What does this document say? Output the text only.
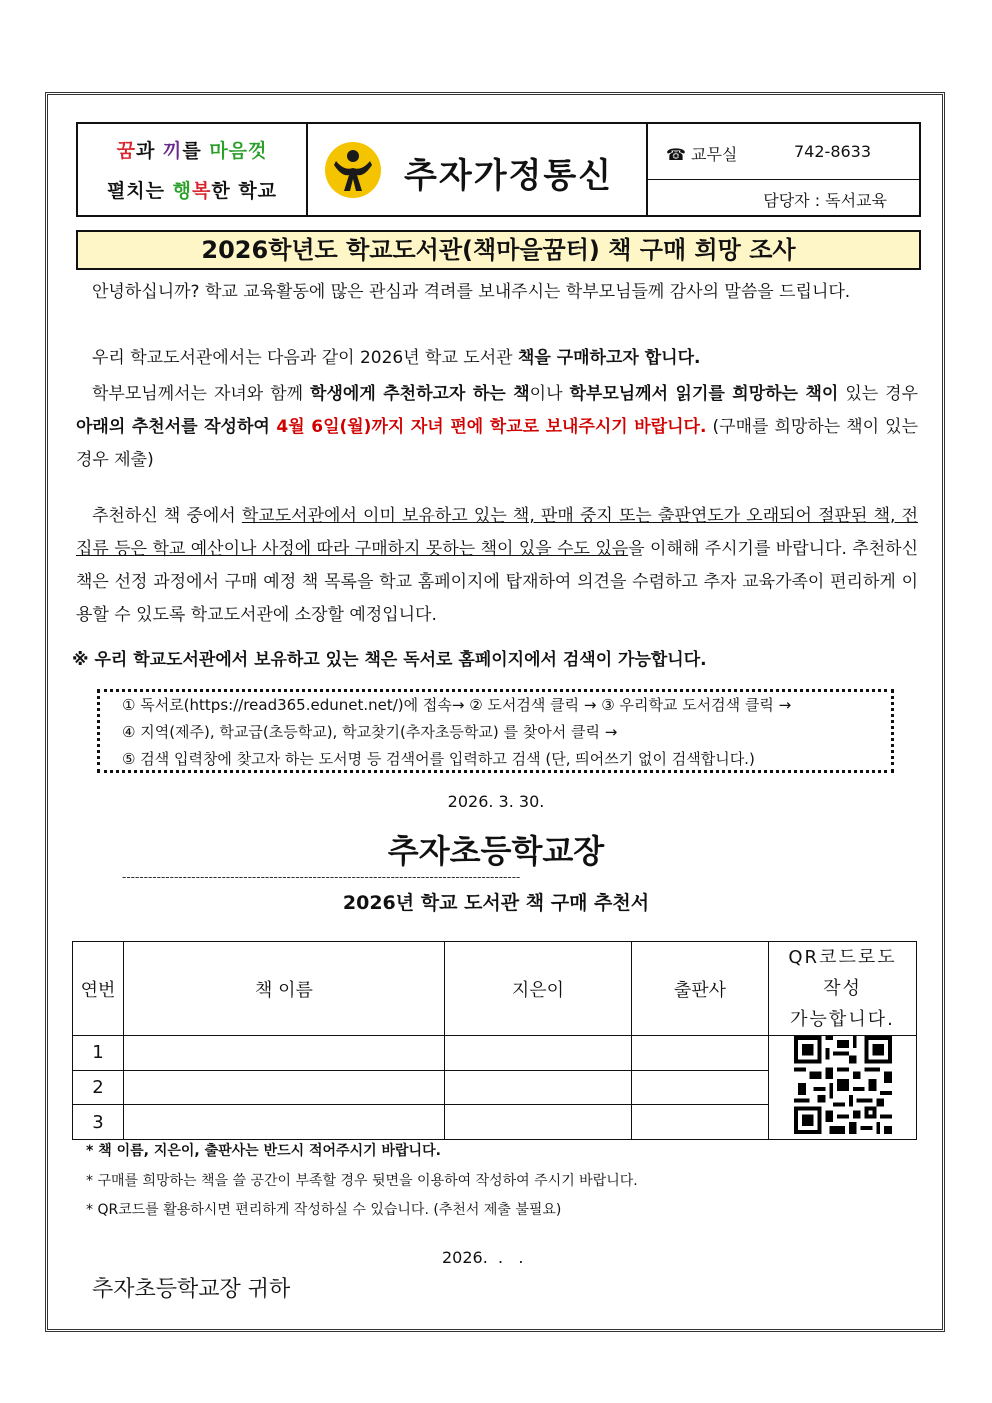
꿈과 끼를 마음껏
펼치는 행복한 학교	추자가정통신
☎ 교무실	742-8633
담당자 : 독서교육
2026학년도 학교도서관(책마을꿈터) 책 구매 희망 조사
안녕하십니까? 학교 교육활동에 많은 관심과 격려를 보내주시는 학부모님들께 감사의 말씀을 드립니다.
우리 학교도서관에서는 다음과 같이 2026년 학교 도서관 책을 구매하고자 합니다.
학부모님께서는 자녀와 함께 학생에게 추천하고자 하는 책이나 학부모님께서 읽기를 희망하는 책이 있는 경우 아래의 추천서를 작성하여 4월 6일(월)까지 자녀 편에 학교로 보내주시기 바랍니다. (구매를 희망하는 책이 있는 경우 제출)
추천하신 책 중에서 학교도서관에서 이미 보유하고 있는 책, 판매 중지 또는 출판연도가 오래되어 절판된 책, 전집류 등은 학교 예산이나 사정에 따라 구매하지 못하는 책이 있을 수도 있음을 이해해 주시기를 바랍니다. 추천하신 책은 선정 과정에서 구매 예정 책 목록을 학교 홈페이지에 탑재하여 의견을 수렴하고 추자 교육가족이 편리하게 이용할 수 있도록 학교도서관에 소장할 예정입니다.
※ 우리 학교도서관에서 보유하고 있는 책은 독서로 홈페이지에서 검색이 가능합니다.
① 독서로(https://read365.edunet.net/)에 접속→ ② 도서검색 클릭 → ③ 우리학교 도서검색 클릭 →
④ 지역(제주), 학교급(초등학교), 학교찾기(추자초등학교) 를 찾아서 클릭 →
⑤ 검색 입력창에 찾고자 하는 도서명 등 검색어를 입력하고 검색 (단, 띄어쓰기 없이 검색합니다.)
2026. 3. 30.
추자초등학교장
--------------------------------------------------------------------------------------------
2026년 학교 도서관 책 구매 추천서
연번	책 이름	지은이	출판사	QR코드로도
작성
가능합니다.

1				
2				
3				
* 책 이름, 지은이, 출판사는 반드시 적어주시기 바랍니다.
* 구매를 희망하는 책을 쓸 공간이 부족할 경우 뒷면을 이용하여 작성하여 주시기 바랍니다.
* QR코드를 활용하시면 편리하게 작성하실 수 있습니다. (추천서 제출 불필요)
2026.  .   .
추자초등학교장 귀하
